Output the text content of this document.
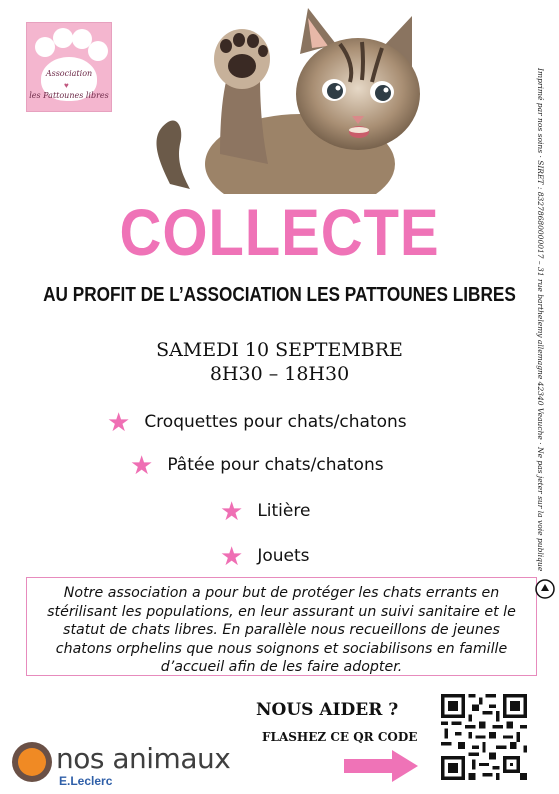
Association
♥
les Pattounes libres
COLLECTE
AU PROFIT DE L’ASSOCIATION LES PATTOUNES LIBRES
SAMEDI 10 SEPTEMBRE
8H30 – 18H30
★ Croquettes pour chats/chatons
★ Pâtée pour chats/chatons
★ Litière
★ Jouets
Notre association a pour but de protéger les chats errants en stérilisant les populations, en leur assurant un suivi sanitaire et le statut de chats libres. En parallèle nous recueillons de jeunes chatons orphelins que nous soignons et sociabilisons en famille d’accueil afin de les faire adopter.
NOUS AIDER ?
FLASHEZ CE QR CODE
nos animaux
E.Leclerc
Imprimé par nos soins · SIRET : 83278680000017 – 31 rue barthelemy allemagne 42340 Veauche · Ne pas jeter sur la voie publique
